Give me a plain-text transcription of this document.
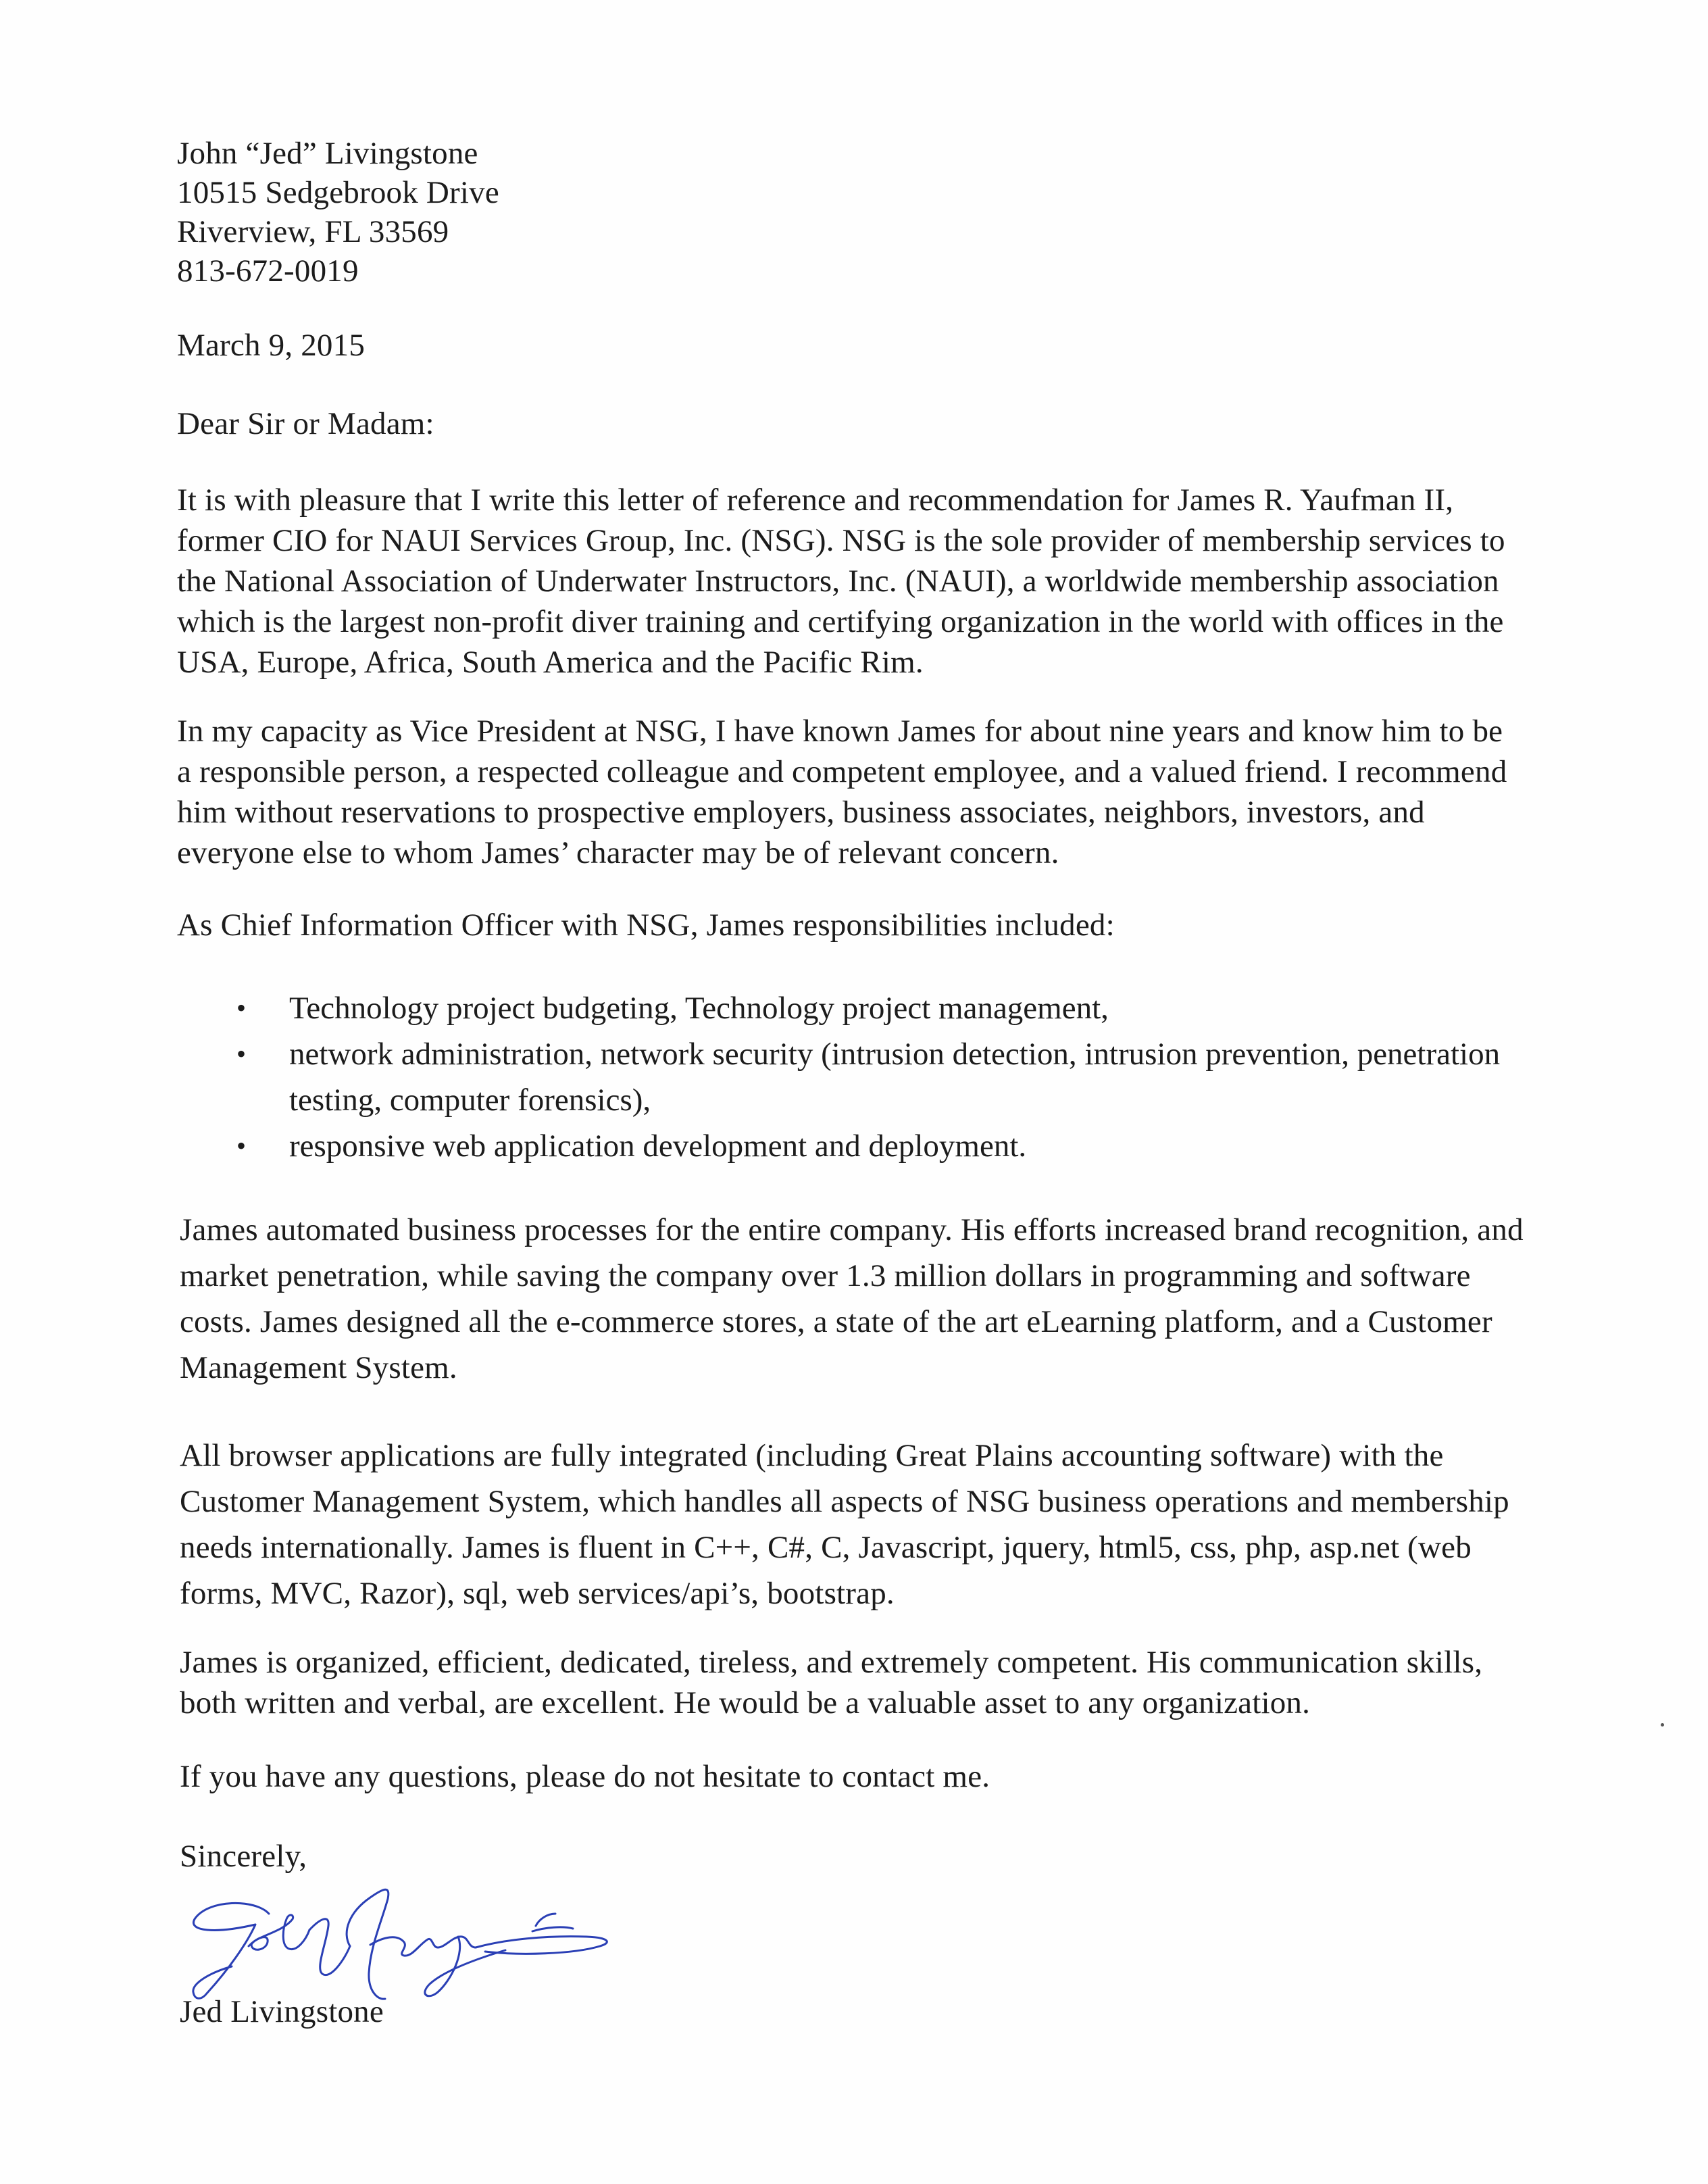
John “Jed” Livingstone
10515 Sedgebrook Drive
Riverview, FL 33569
813-672-0019
March 9, 2015
Dear Sir or Madam:
It is with pleasure that I write this letter of reference and recommendation for James R. Yaufman II,
former CIO for NAUI Services Group, Inc. (NSG). NSG is the sole provider of membership services to
the National Association of Underwater Instructors, Inc. (NAUI), a worldwide membership association
which is the largest non-profit diver training and certifying organization in the world with offices in the
USA, Europe, Africa, South America and the Pacific Rim.
In my capacity as Vice President at NSG, I have known James for about nine years and know him to be
a responsible person, a respected colleague and competent employee, and a valued friend. I recommend
him without reservations to prospective employers, business associates, neighbors, investors, and
everyone else to whom James’ character may be of relevant concern.
As Chief Information Officer with NSG, James responsibilities included:
• Technology project budgeting, Technology project management,
• network administration, network security (intrusion detection, intrusion prevention, penetration
testing, computer forensics),
• responsive web application development and deployment.
James automated business processes for the entire company. His efforts increased brand recognition, and
market penetration, while saving the company over 1.3 million dollars in programming and software
costs. James designed all the e-commerce stores, a state of the art eLearning platform, and a Customer
Management System.
All browser applications are fully integrated (including Great Plains accounting software) with the
Customer Management System, which handles all aspects of NSG business operations and membership
needs internationally. James is fluent in C++, C#, C, Javascript, jquery, html5, css, php, asp.net (web
forms, MVC, Razor), sql, web services/api’s, bootstrap.
James is organized, efficient, dedicated, tireless, and extremely competent. His communication skills,
both written and verbal, are excellent. He would be a valuable asset to any organization.
If you have any questions, please do not hesitate to contact me.
Sincerely,
Jed Livingstone
